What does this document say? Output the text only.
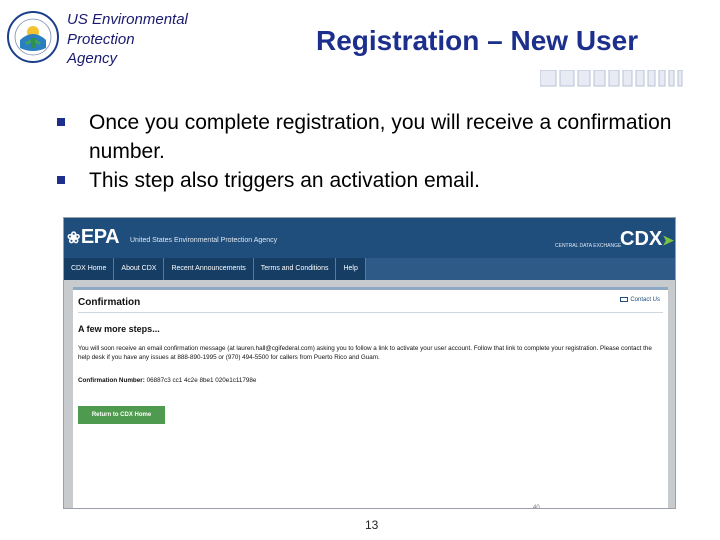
US Environmental
Protection
Agency
Registration – New User
Once you complete registration, you will receive a confirmation number.
This step also triggers an activation email.
❀EPA United States Environmental Protection Agency
CENTRAL DATA EXCHANGE
CDX➤
CDX Home	About CDX	Recent Announcements	Terms and Conditions	Help
Confirmation	Contact Us
A few more steps...
You will soon receive an email confirmation message (at lauren.hall@cgifederal.com) asking you to follow a link to activate your user account. Follow that link to complete your registration. Please contact the help desk if you have any issues at 888-890-1995 or (970) 494-5500 for callers from Puerto Rico and Guam.
Confirmation Number: 06887c3 cc1 4c2e 8be1 020e1c11798e
Return to CDX Home
40
13
